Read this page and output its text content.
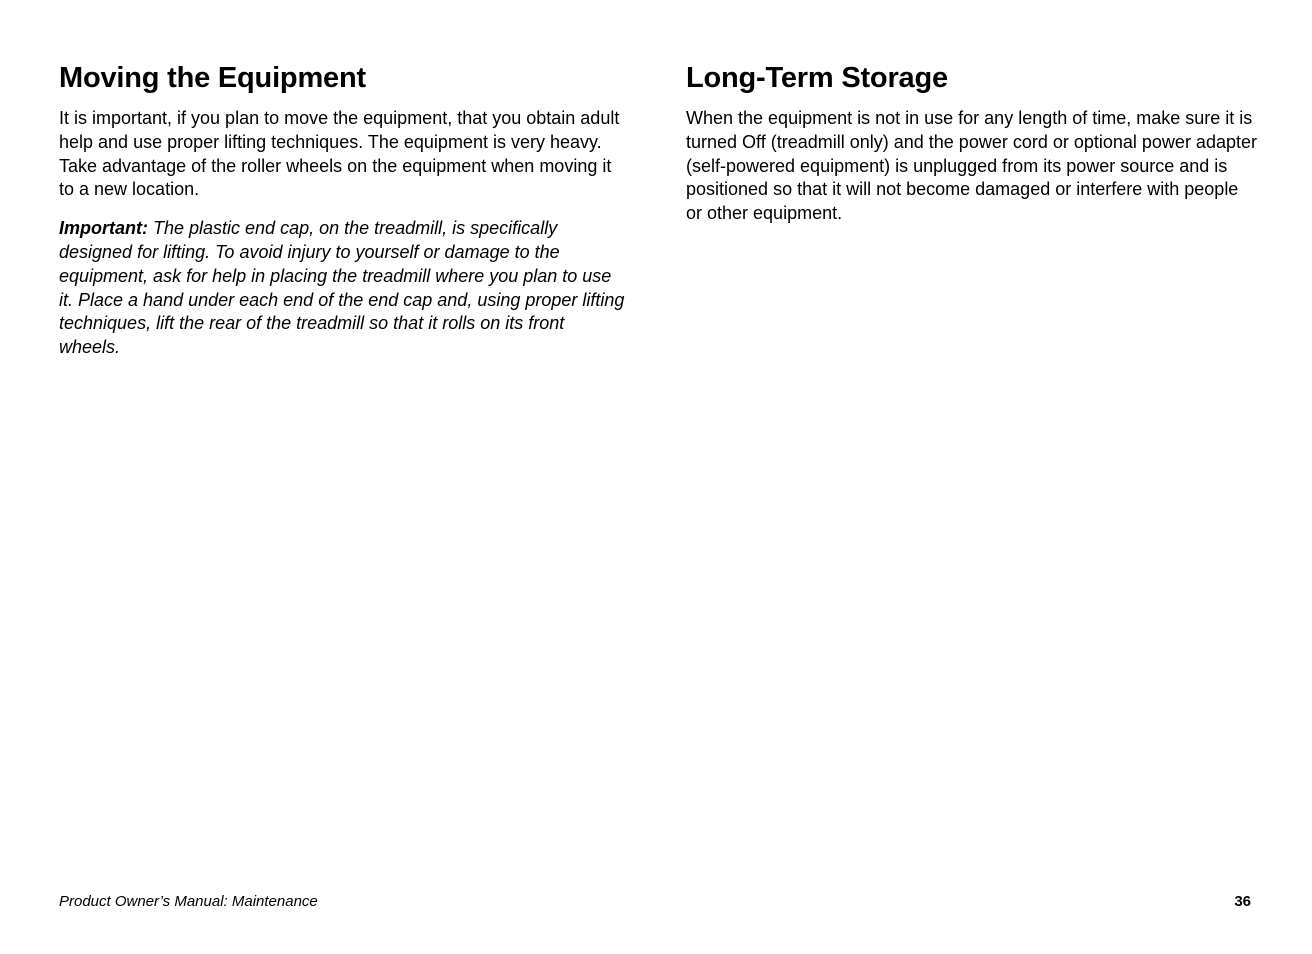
Moving the Equipment

It is important, if you plan to move the equipment, that you obtain adult help and use proper lifting techniques. The equipment is very heavy. Take advantage of the roller wheels on the equipment when moving it to a new location.

Important: The plastic end cap, on the treadmill, is specifically designed for lifting. To avoid injury to yourself or damage to the equipment, ask for help in placing the treadmill where you plan to use it. Place a hand under each end of the end cap and, using proper lifting techniques, lift the rear of the treadmill so that it rolls on its front wheels.

Long-Term Storage

When the equipment is not in use for any length of time, make sure it is turned Off (treadmill only) and the power cord or optional power adapter (self-powered equipment) is unplugged from its power source and is positioned so that it will not become damaged or interfere with people or other equipment.

Product Owner’s Manual: Maintenance	36
